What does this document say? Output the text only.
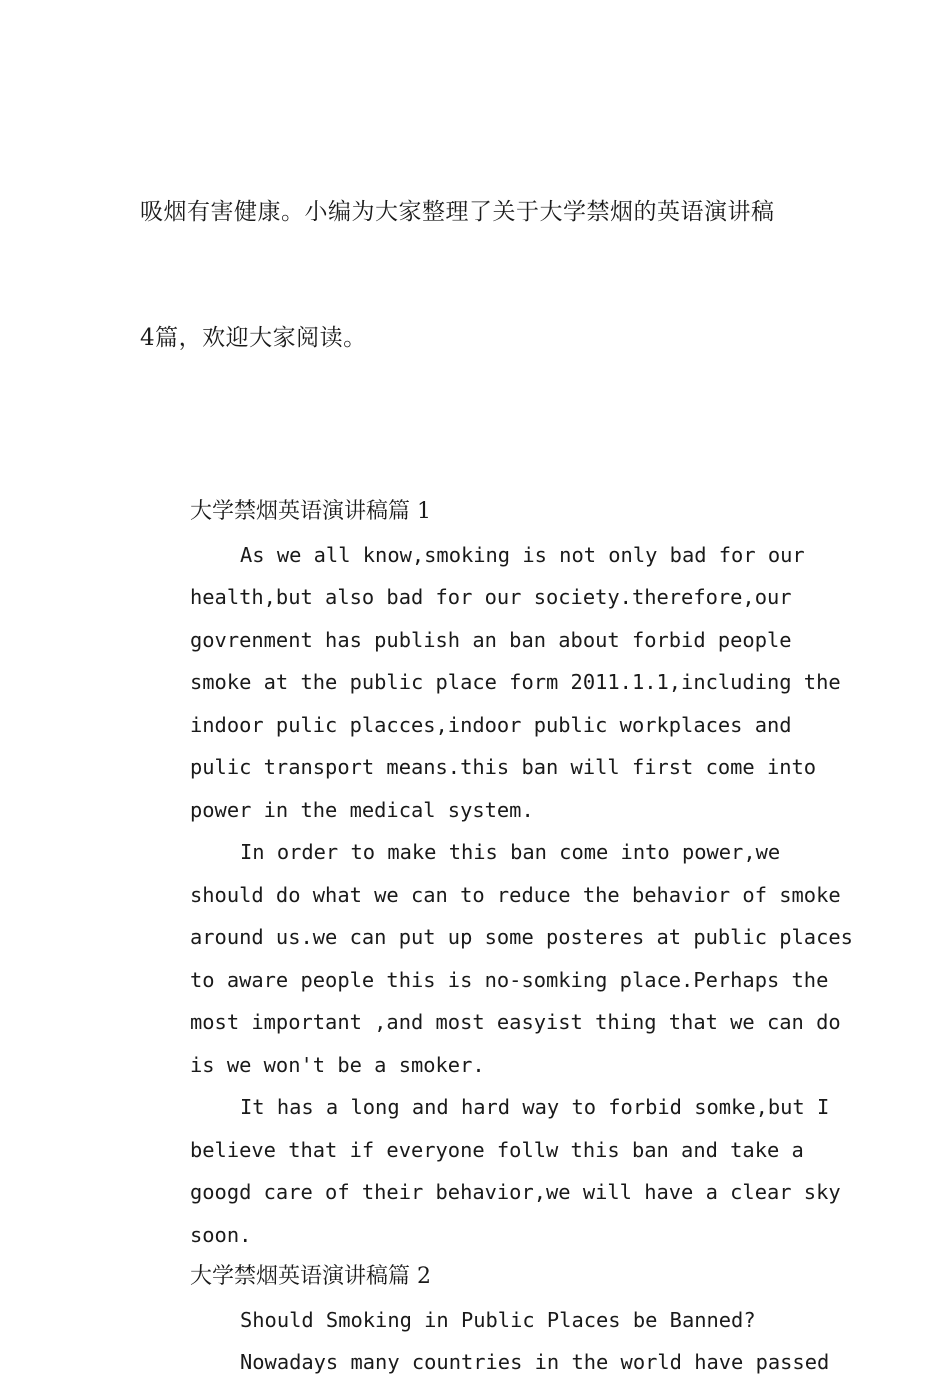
吸烟有害健康。小编为大家整理了关于大学禁烟的英语演讲稿

4篇，欢迎大家阅读。

大学禁烟英语演讲稿篇 1
As we all know,smoking is not only bad for our
health,but also bad for our society.therefore,our
govrenment has publish an ban about forbid people
smoke at the public place form 2011.1.1,including the
indoor pulic placces,indoor public workplaces and
pulic transport means.this ban will first come into
power in the medical system.
In order to make this ban come into power,we
should do what we can to reduce the behavior of smoke
around us.we can put up some posteres at public places
to aware people this is no-somking place.Perhaps the
most important ,and most easyist thing that we can do
is we won't be a smoker.
It has a long and hard way to forbid somke,but I
believe that if everyone follw this ban and take a
googd care of their behavior,we will have a clear sky
soon.
大学禁烟英语演讲稿篇 2
Should Smoking in Public Places be Banned?
Nowadays many countries in the world have passed
